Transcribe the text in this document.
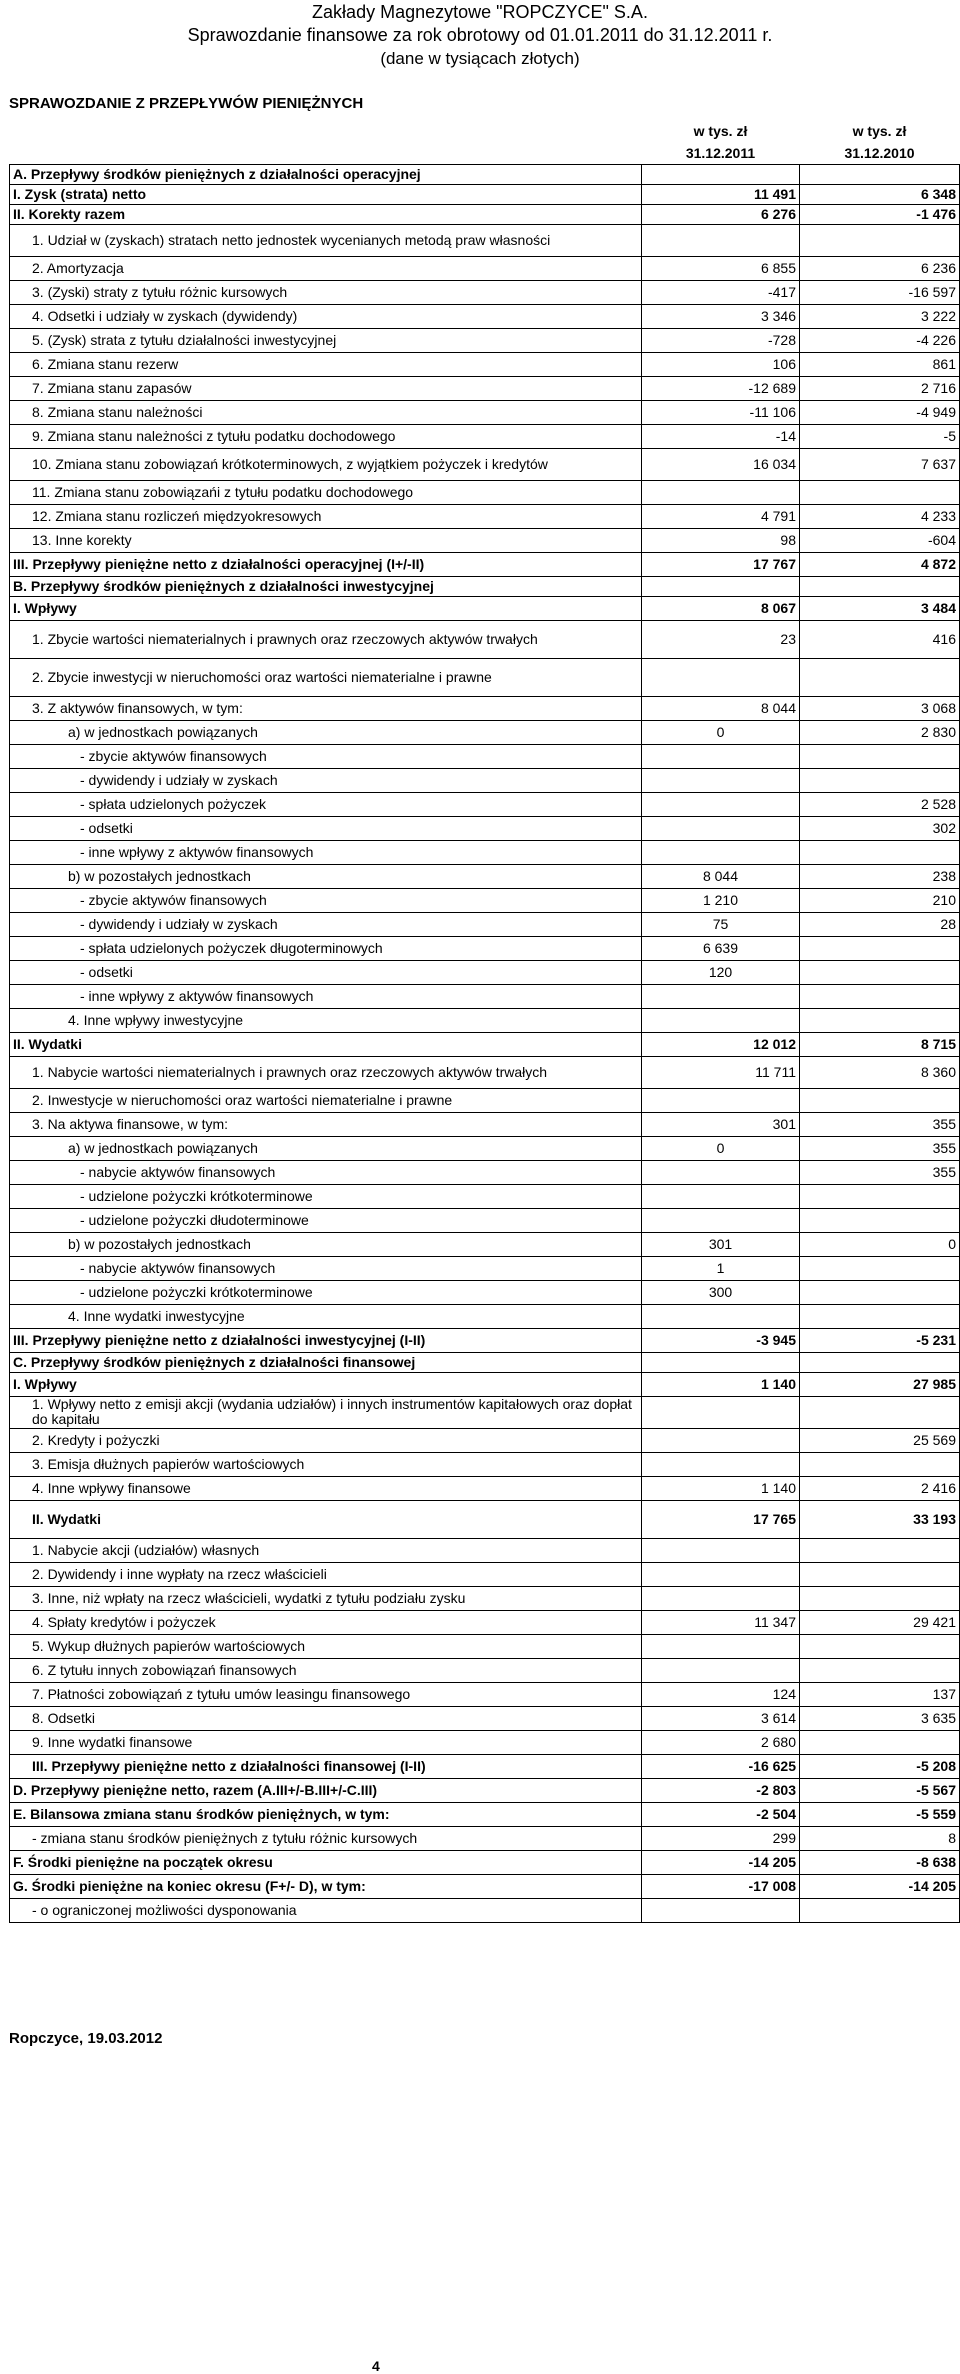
Zakłady Magnezytowe "ROPCZYCE" S.A.
Sprawozdanie finansowe za rok obrotowy od 01.01.2011 do 31.12.2011 r.
(dane w tysiącach złotych)
SPRAWOZDANIE Z PRZEPŁYWÓW PIENIĘŻNYCH
	w tys. zł	w tys. zł
	31.12.2011	31.12.2010
A. Przepływy środków pieniężnych z działalności operacyjnej		
I. Zysk (strata) netto	11 491	6 348
II. Korekty razem	6 276	-1 476
1. Udział w (zyskach) stratach netto jednostek wycenianych metodą praw własności		
2. Amortyzacja	6 855	6 236
3. (Zyski) straty z tytułu różnic kursowych	-417	-16 597
4. Odsetki i udziały w zyskach (dywidendy)	3 346	3 222
5. (Zysk) strata z tytułu działalności inwestycyjnej	-728	-4 226
6. Zmiana stanu rezerw	106	861
7. Zmiana stanu zapasów	-12 689	2 716
8. Zmiana stanu należności	-11 106	-4 949
9. Zmiana stanu należności z tytułu podatku dochodowego	-14	-5
10. Zmiana stanu zobowiązań krótkoterminowych, z wyjątkiem pożyczek i kredytów	16 034	7 637
11. Zmiana stanu zobowiązańi z tytułu podatku dochodowego		
12. Zmiana stanu rozliczeń międzyokresowych	4 791	4 233
13. Inne korekty	98	-604
III. Przepływy pieniężne netto z działalności operacyjnej (I+/-II)	17 767	4 872
B. Przepływy środków pieniężnych z działalności inwestycyjnej		
I. Wpływy	8 067	3 484
1. Zbycie wartości niematerialnych i prawnych oraz rzeczowych aktywów trwałych	23	416
2. Zbycie inwestycji w nieruchomości oraz wartości niematerialne i prawne		
3. Z aktywów finansowych, w tym:	8 044	3 068
a) w jednostkach powiązanych	0	2 830
- zbycie aktywów finansowych		
- dywidendy i udziały w zyskach		
- spłata udzielonych pożyczek		2 528
- odsetki		302
- inne wpływy z aktywów finansowych		
b) w pozostałych jednostkach	8 044	238
- zbycie aktywów finansowych	1 210	210
- dywidendy i udziały w zyskach	75	28
- spłata udzielonych pożyczek długoterminowych	6 639	
- odsetki	120	
- inne wpływy z aktywów finansowych		
4. Inne wpływy inwestycyjne		
II. Wydatki	12 012	8 715
1. Nabycie wartości niematerialnych i prawnych oraz rzeczowych aktywów trwałych	11 711	8 360
2. Inwestycje w nieruchomości oraz wartości niematerialne i prawne		
3. Na aktywa finansowe, w tym:	301	355
a) w jednostkach powiązanych	0	355
- nabycie aktywów finansowych		355
- udzielone pożyczki krótkoterminowe		
- udzielone pożyczki dłudoterminowe		
b) w pozostałych jednostkach	301	0
- nabycie aktywów finansowych	1	
- udzielone pożyczki krótkoterminowe	300	
4. Inne wydatki inwestycyjne		
III. Przepływy pieniężne netto z działalności inwestycyjnej (I-II)	-3 945	-5 231
C. Przepływy środków pieniężnych z działalności finansowej		
I. Wpływy	1 140	27 985
1. Wpływy netto z emisji akcji (wydania udziałów) i innych instrumentów kapitałowych oraz dopłat do kapitału		
2. Kredyty i pożyczki		25 569
3. Emisja dłużnych papierów wartościowych		
4. Inne wpływy finansowe	1 140	2 416
II. Wydatki	17 765	33 193
1. Nabycie akcji (udziałów) własnych		
2. Dywidendy i inne wypłaty na rzecz właścicieli		
3. Inne, niż wpłaty na rzecz właścicieli, wydatki z tytułu podziału zysku		
4. Spłaty kredytów i pożyczek	11 347	29 421
5. Wykup dłużnych papierów wartościowych		
6. Z tytułu innych zobowiązań finansowych		
7. Płatności zobowiązań z tytułu umów leasingu finansowego	124	137
8. Odsetki	3 614	3 635
9. Inne wydatki finansowe	2 680	
III. Przepływy pieniężne netto z działalności finansowej (I-II)	-16 625	-5 208
D. Przepływy pieniężne netto, razem (A.III+/-B.III+/-C.III)	-2 803	-5 567
E. Bilansowa zmiana stanu środków pieniężnych, w tym:	-2 504	-5 559
- zmiana stanu środków pieniężnych z tytułu różnic kursowych	299	8
F. Środki pieniężne na początek okresu	-14 205	-8 638
G. Środki pieniężne na koniec okresu (F+/- D), w tym:	-17 008	-14 205
- o ograniczonej możliwości dysponowania		
Ropczyce, 19.03.2012
4
